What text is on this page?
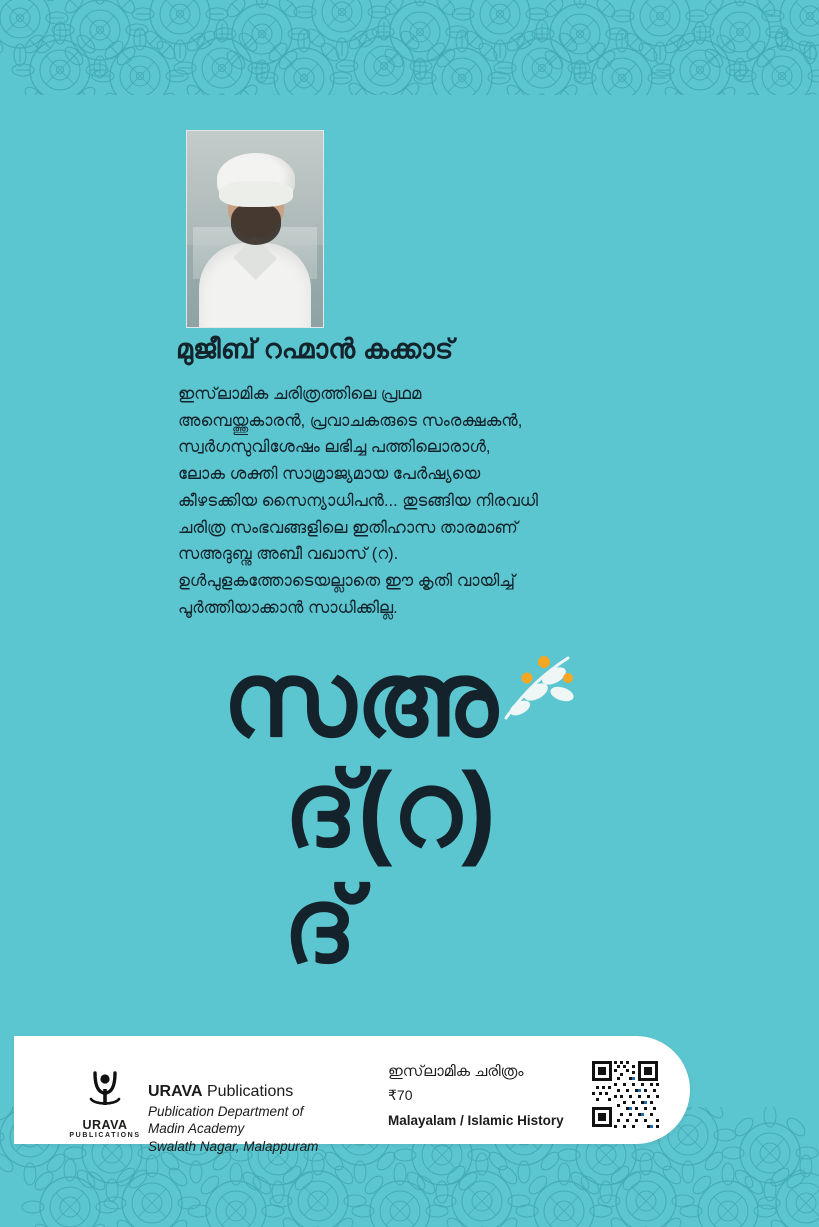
മുജീബ് റഹ്മാൻ കക്കാട്
ഇസ്‌ലാമിക ചരിത്രത്തിലെ പ്രഥമ അമ്പെയ്ത്തുകാരൻ, പ്രവാചകരുടെ സംരക്ഷകൻ, സ്വർഗസുവിശേഷം ലഭിച്ച പത്തിലൊരാൾ, ലോക ശക്തി സാമ്രാജ്യമായ പേർഷ്യയെ കീഴടക്കിയ സൈന്യാധിപൻ... തുടങ്ങിയ നിരവധി ചരിത്ര സംഭവങ്ങളിലെ ഇതിഹാസ താരമാണ് സഅദുബ്നു അബീ വഖാസ് (റ). ഉൾപുളകത്തോടെയല്ലാതെ ഈ കൃതി വായിച്ച് പൂർത്തിയാക്കാൻ സാധിക്കില്ല.
സഅ
ദ്(റ)
ദ്
URAVA
PUBLICATIONS
URAVA Publications
Publication Department of
Madin Academy
Swalath Nagar, Malappuram
ഇസ്‌ലാമിക ചരിത്രം
₹70
Malayalam / Islamic History
